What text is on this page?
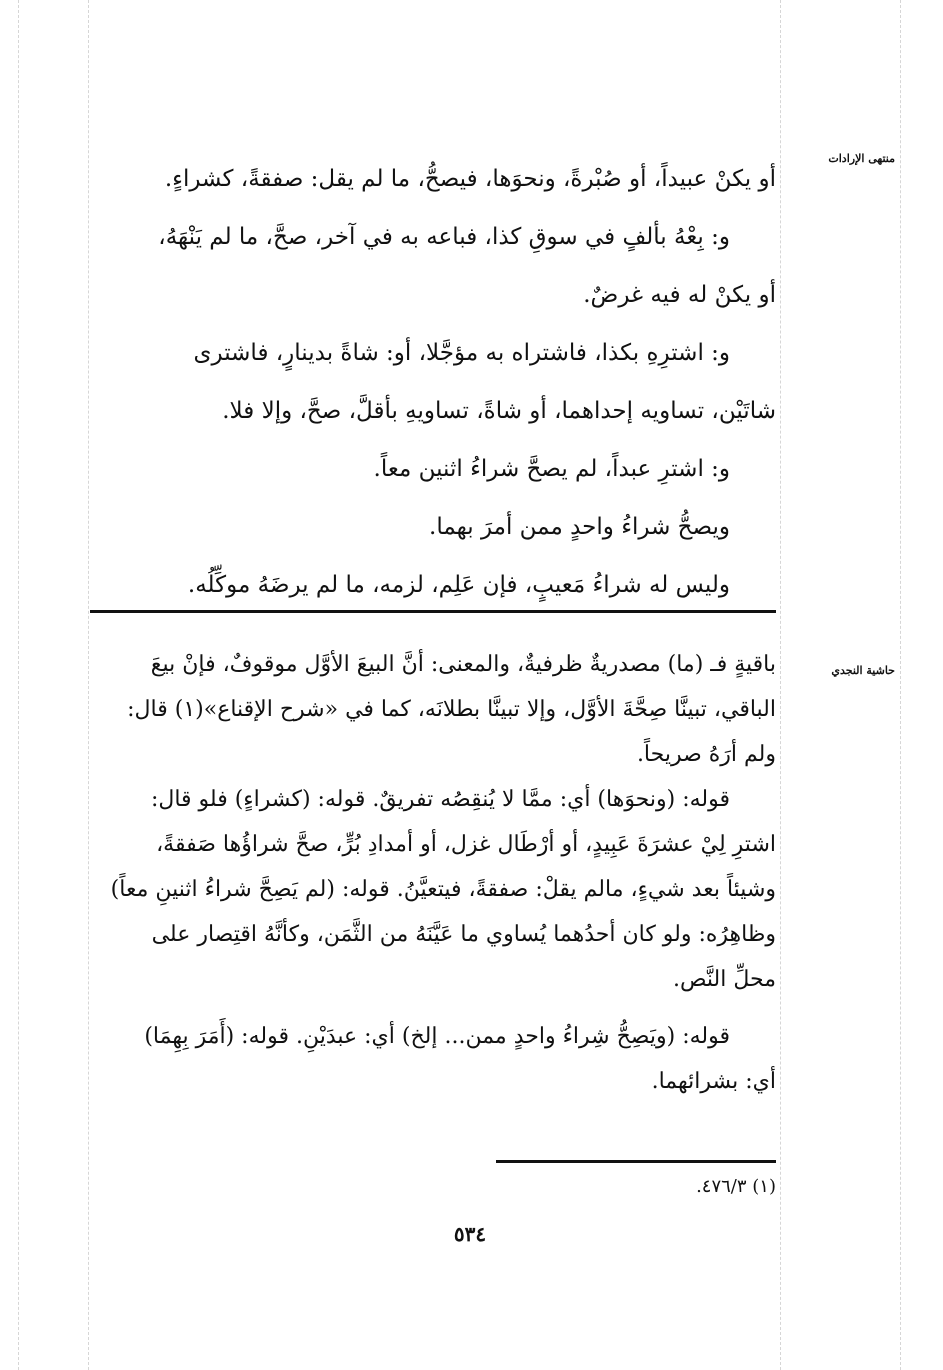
منتهى الإرادات
حاشية النجدي

أو يكنْ عبيداً، أو صُبْرةً، ونحوَها، فيصحُّ، ما لم يقل: صفقةً، كشراءٍ.

و: بِعْهُ بألفٍ في سوقِ كذا، فباعه به في آخر، صحَّ، ما لم يَنْهَهُ،

أو يكنْ له فيه غرضٌ.

و: اشترِهِ بكذا، فاشتراه به مؤجَّلا، أو: شاةً بدينارٍ، فاشترى

شاتَيْن، تساويه إحداهما، أو شاةً، تساويهِ بأقلَّ، صحَّ، وإلا فلا.

و: اشترِ عبداً، لم يصحَّ شراءُ اثنين معاً.

ويصحُّ شراءُ واحدٍ ممن أمرَ بهما.

وليس له شراءُ مَعيبٍ، فإن عَلِم، لزمه، ما لم يرضَهُ موكِّلُه.

باقيةٍ فـ (ما) مصدريةٌ ظرفيةٌ، والمعنى: أنَّ البيعَ الأوَّل موقوفٌ، فإنْ بيعَ

الباقي، تبينَّا صِحَّةَ الأوَّل، وإلا تبينَّا بطلانَه، كما في «شرح الإقناع»(١) قال:

ولم أرَهُ صريحاً.

قوله: (ونحوَها) أي: ممَّا لا يُنقِصُه تفريقٌ. قوله: (كشراءٍ) فلو قال:

اشترِ لِيْ عشرَةَ عَبِيدٍ، أو أرْطَال غزل، أو أمدادِ بُرٍّ، صحَّ شراؤُها صَفقةً،

وشيئاً بعد شيءٍ، مالم يقلْ: صفقةً، فيتعيَّنُ. قوله: (لم يَصِحَّ شراءُ اثنينِ معاً)

وظاهِرُه: ولو كان أحدُهما يُساوي ما عَيَّنَهُ من الثَّمَن، وكأنَّهُ اقتِصار على

محلِّ النَّص.

قوله: (ويَصِحُّ شِراءُ واحدٍ ممن... إلخ) أي: عبدَيْنِ. قوله: (أَمَرَ بِهِمَا)

أي: بشرائهما.

(١) ٤٧٦/٣.
٥٣٤
